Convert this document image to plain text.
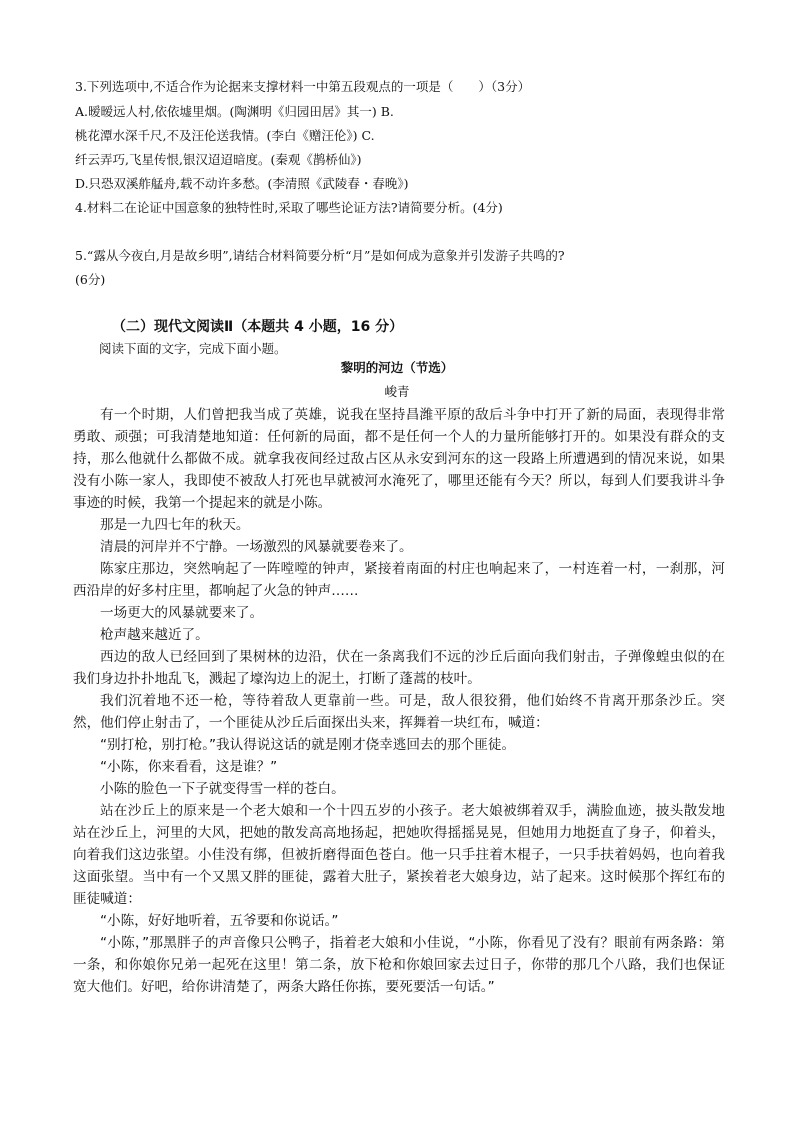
3.下列选项中,不适合作为论据来支撑材料一中第五段观点的一项是（　　）（3分）
A.暧暧远人村,依依墟里烟。(陶渊明《归园田居》其一) B.
桃花潭水深千尺,不及汪伦送我情。(李白《赠汪伦》) C.
纤云弄巧,飞星传恨,银汉迢迢暗度。(秦观《鹊桥仙》)
D.只恐双溪舴艋舟,载不动许多愁。(李清照《武陵春・春晚》)
4.材料二在论证中国意象的独特性时,采取了哪些论证方法?请简要分析。(4分)
5.“露从今夜白,月是故乡明”,请结合材料简要分析“月”是如何成为意象并引发游子共鸣的?
(6分)
（二）现代文阅读Ⅱ（本题共 4 小题，16 分）
阅读下面的文字，完成下面小题。
黎明的河边（节选）
峻青

有一个时期，人们曾把我当成了英雄，说我在坚持昌潍平原的敌后斗争中打开了新的局面，表现得非常勇敢、顽强；可我清楚地知道：任何新的局面，都不是任何一个人的力量所能够打开的。如果没有群众的支持，那么他就什么都做不成。就拿我夜间经过敌占区从永安到河东的这一段路上所遭遇到的情况来说，如果没有小陈一家人，我即使不被敌人打死也早就被河水淹死了，哪里还能有今天？所以，每到人们要我讲斗争事迹的时候，我第一个提起来的就是小陈。

那是一九四七年的秋天。

清晨的河岸并不宁静。一场激烈的风暴就要卷来了。

陈家庄那边，突然响起了一阵嘡嘡的钟声，紧接着南面的村庄也响起来了，一村连着一村，一刹那，河西沿岸的好多村庄里，都响起了火急的钟声……

一场更大的风暴就要来了。

枪声越来越近了。

西边的敌人已经回到了果树林的边沿，伏在一条离我们不远的沙丘后面向我们射击，子弹像蝗虫似的在我们身边扑扑地乱飞，溅起了壕沟边上的泥土，打断了蓬蒿的枝叶。

我们沉着地不还一枪，等待着敌人更靠前一些。可是，敌人很狡猾，他们始终不肯离开那条沙丘。突然，他们停止射击了，一个匪徒从沙丘后面探出头来，挥舞着一块红布，喊道：

“别打枪，别打枪。”我认得说这话的就是刚才侥幸逃回去的那个匪徒。

“小陈，你来看看，这是谁？”

小陈的脸色一下子就变得雪一样的苍白。

站在沙丘上的原来是一个老大娘和一个十四五岁的小孩子。老大娘被绑着双手，满脸血迹，披头散发地站在沙丘上，河里的大风，把她的散发高高地扬起，把她吹得摇摇晃晃，但她用力地挺直了身子，仰着头，向着我们这边张望。小佳没有绑，但被折磨得面色苍白。他一只手拄着木棍子，一只手扶着妈妈，也向着我这面张望。当中有一个又黑又胖的匪徒，露着大肚子，紧挨着老大娘身边，站了起来。这时候那个挥红布的匪徒喊道：

“小陈，好好地听着，五爷要和你说话。”

“小陈，”那黑胖子的声音像只公鸭子，指着老大娘和小佳说，“小陈，你看见了没有？眼前有两条路：第一条，和你娘你兄弟一起死在这里！第二条，放下枪和你娘回家去过日子，你带的那几个八路，我们也保证宽大他们。好吧，给你讲清楚了，两条大路任你拣，要死要活一句话。”
